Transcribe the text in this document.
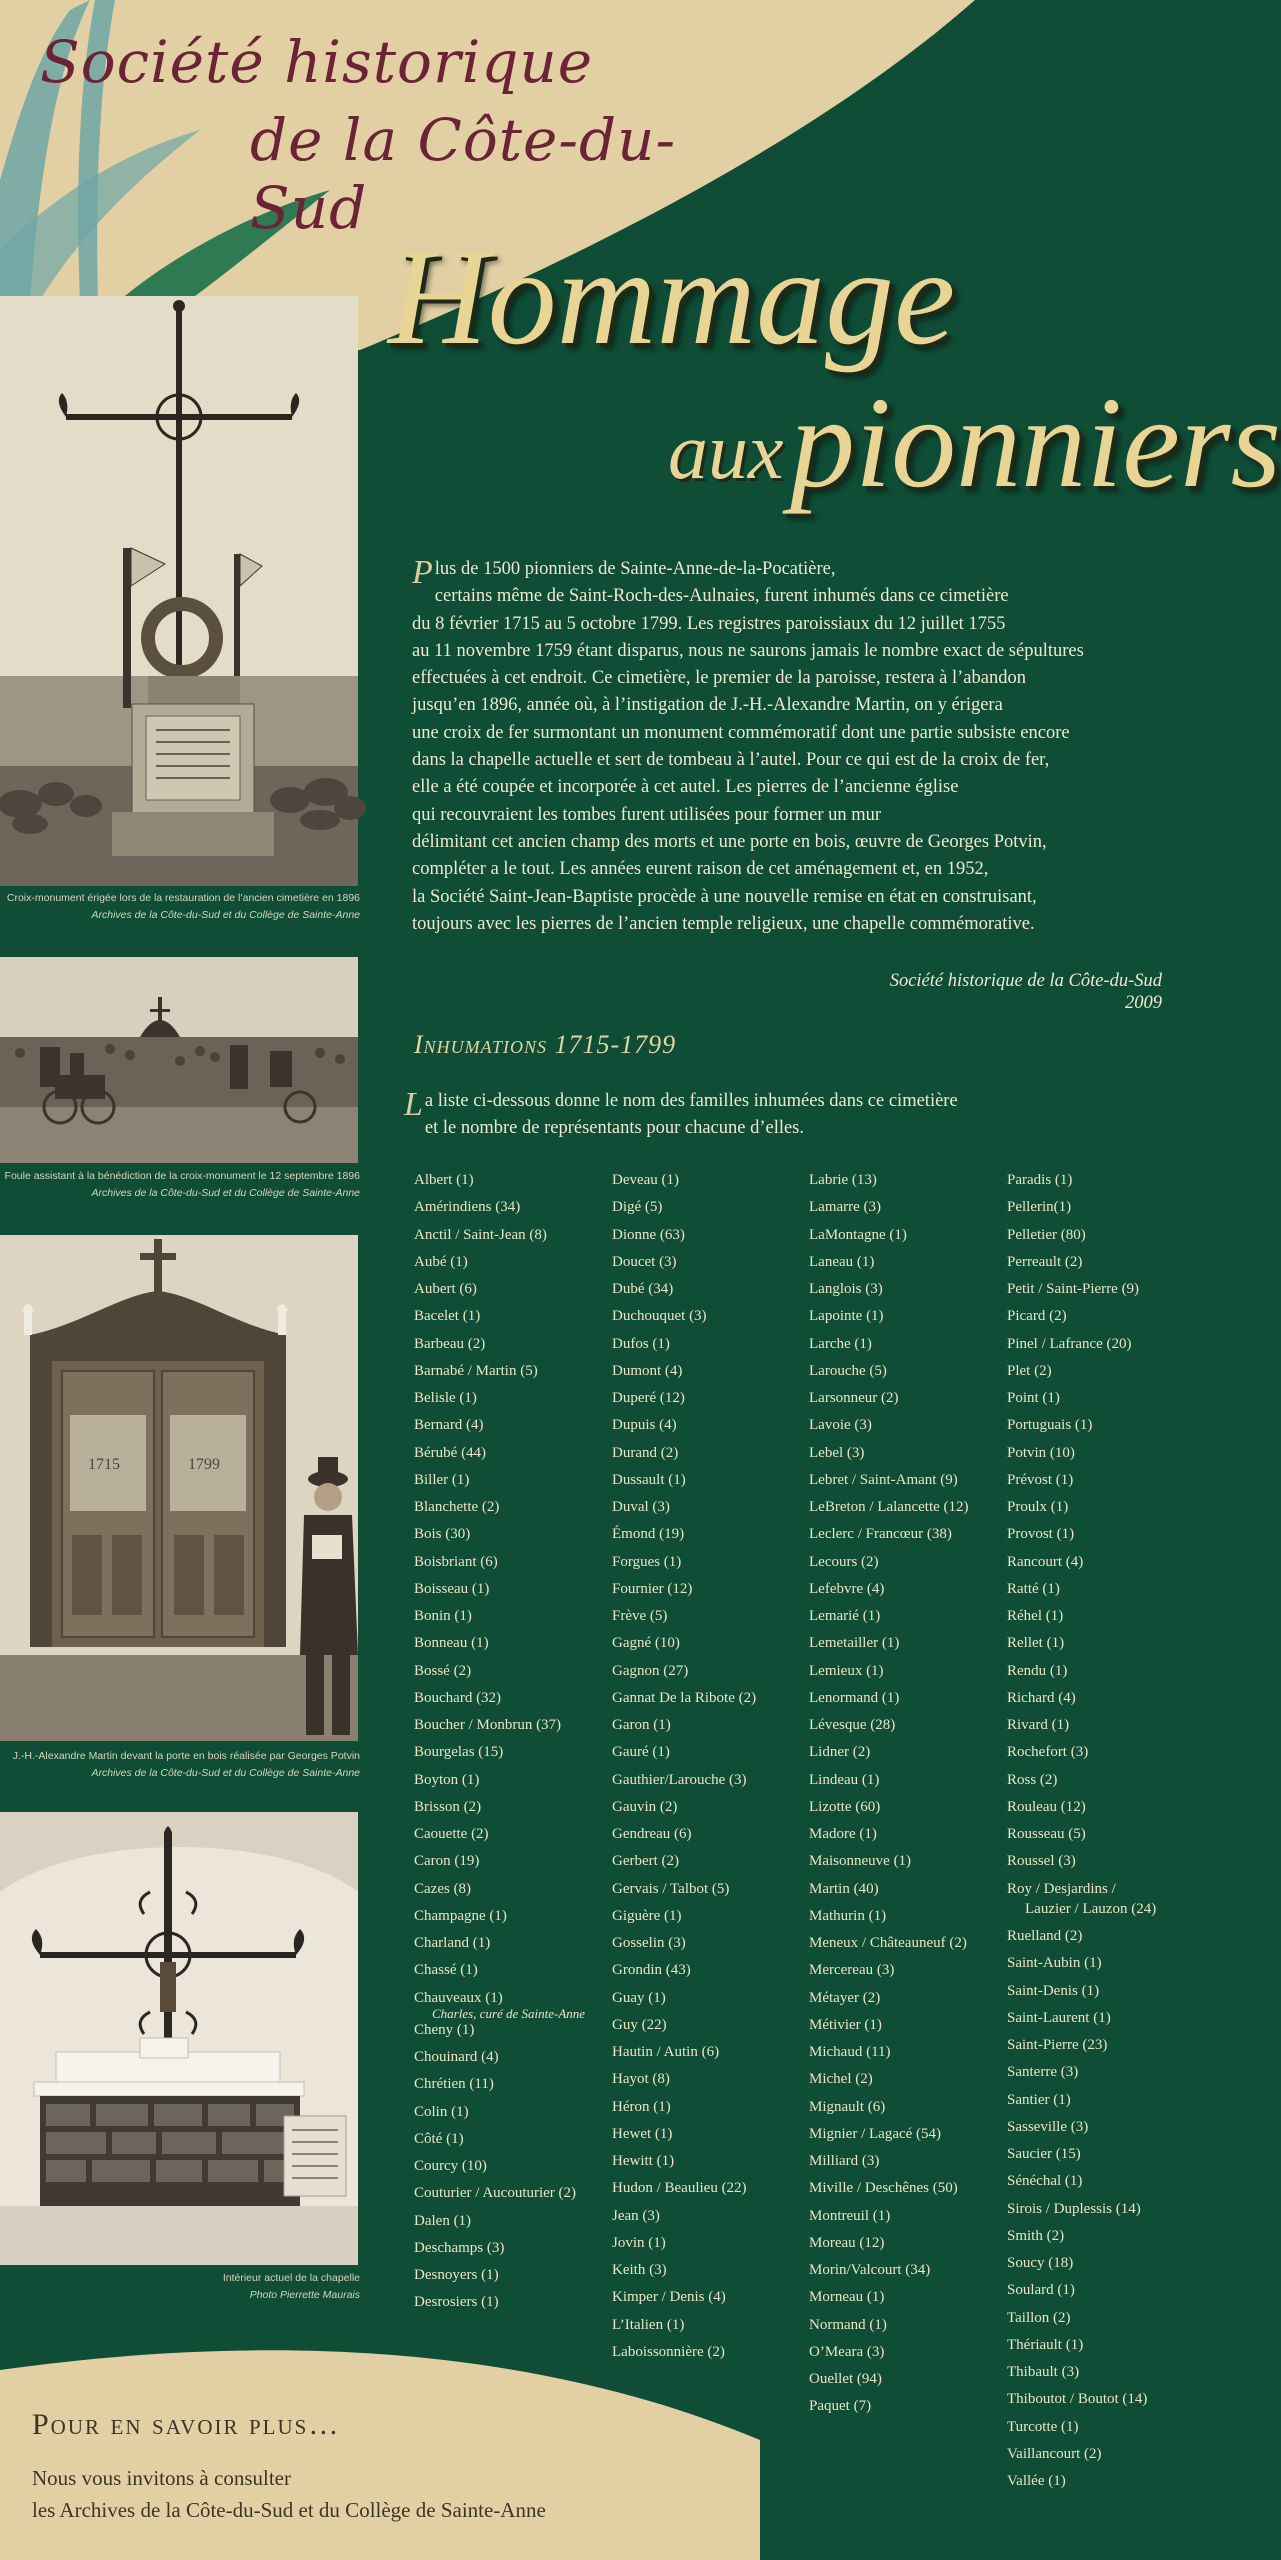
Société historique
de la Côte-du-Sud
Hommage
aux pionniers
Croix-monument érigée lors de la restauration de l’ancien cimetière en 1896
Archives de la Côte-du-Sud et du Collège de Sainte-Anne
Foule assistant à la bénédiction de la croix-monument le 12 septembre 1896
Archives de la Côte-du-Sud et du Collège de Sainte-Anne
1715	1799
J.-H.-Alexandre Martin devant la porte en bois réalisée par Georges Potvin
Archives de la Côte-du-Sud et du Collège de Sainte-Anne
Intérieur actuel de la chapelle
Photo Pierrette Maurais
P lus de 1500 pionniers de Sainte-Anne-de-la-Pocatière,
certains même de Saint-Roch-des-Aulnaies, furent inhumés dans ce cimetière
du 8 février 1715 au 5 octobre 1799. Les registres paroissiaux du 12 juillet 1755
au 11 novembre 1759 étant disparus, nous ne saurons jamais le nombre exact de sépultures
effectuées à cet endroit. Ce cimetière, le premier de la paroisse, restera à l’abandon
jusqu’en 1896, année où, à l’instigation de J.-H.-Alexandre Martin, on y érigera
une croix de fer surmontant un monument commémoratif dont une partie subsiste encore
dans la chapelle actuelle et sert de tombeau à l’autel. Pour ce qui est de la croix de fer,
elle a été coupée et incorporée à cet autel. Les pierres de l’ancienne église
qui recouvraient les tombes furent utilisées pour former un mur
délimitant cet ancien champ des morts et une porte en bois, œuvre de Georges Potvin,
compléter a le tout. Les années eurent raison de cet aménagement et, en 1952,
la Société Saint-Jean-Baptiste procède à une nouvelle remise en état en construisant,
toujours avec les pierres de l’ancien temple religieux, une chapelle commémorative.
Société historique de la Côte-du-Sud
2009
Inhumations 1715-1799
L a liste ci-dessous donne le nom des familles inhumées dans ce cimetière
et le nombre de représentants pour chacune d’elles.
Albert (1)
Amérindiens (34)
Anctil / Saint-Jean (8)
Aubé (1)
Aubert (6)
Bacelet (1)
Barbeau (2)
Barnabé / Martin (5)
Belisle (1)
Bernard (4)
Bérubé (44)
Biller (1)
Blanchette (2)
Bois (30)
Boisbriant (6)
Boisseau (1)
Bonin (1)
Bonneau (1)
Bossé (2)
Bouchard (32)
Boucher / Monbrun (37)
Bourgelas (15)
Boyton (1)
Brisson (2)
Caouette (2)
Caron (19)
Cazes (8)
Champagne (1)
Charland (1)
Chassé (1)
Chauveaux (1)
Charles, curé de Sainte-Anne
Cheny (1)
Chouinard (4)
Chrétien (11)
Colin (1)
Côté (1)
Courcy (10)
Couturier / Aucouturier (2)
Dalen (1)
Deschamps (3)
Desnoyers (1)
Desrosiers (1)
Deveau (1)
Digé (5)
Dionne (63)
Doucet (3)
Dubé (34)
Duchouquet (3)
Dufos (1)
Dumont (4)
Duperé (12)
Dupuis (4)
Durand (2)
Dussault (1)
Duval (3)
Émond (19)
Forgues (1)
Fournier (12)
Frève (5)
Gagné (10)
Gagnon (27)
Gannat De la Ribote (2)
Garon (1)
Gauré (1)
Gauthier/Larouche (3)
Gauvin (2)
Gendreau (6)
Gerbert (2)
Gervais / Talbot (5)
Giguère (1)
Gosselin (3)
Grondin (43)
Guay (1)
Guy (22)
Hautin / Autin (6)
Hayot (8)
Héron (1)
Hewet (1)
Hewitt (1)
Hudon / Beaulieu (22)
Jean (3)
Jovin (1)
Keith (3)
Kimper / Denis (4)
L’Italien (1)
Laboissonnière (2)
Labrie (13)
Lamarre (3)
LaMontagne (1)
Laneau (1)
Langlois (3)
Lapointe (1)
Larche (1)
Larouche (5)
Larsonneur (2)
Lavoie (3)
Lebel (3)
Lebret / Saint-Amant (9)
LeBreton / Lalancette (12)
Leclerc / Francœur (38)
Lecours (2)
Lefebvre (4)
Lemarié (1)
Lemetailler (1)
Lemieux (1)
Lenormand (1)
Lévesque (28)
Lidner (2)
Lindeau (1)
Lizotte (60)
Madore (1)
Maisonneuve (1)
Martin (40)
Mathurin (1)
Meneux / Châteauneuf (2)
Mercereau (3)
Métayer (2)
Métivier (1)
Michaud (11)
Michel (2)
Mignault (6)
Mignier / Lagacé (54)
Milliard (3)
Miville / Deschênes (50)
Montreuil (1)
Moreau (12)
Morin/Valcourt (34)
Morneau (1)
Normand (1)
O’Meara (3)
Ouellet (94)
Paquet (7)
Paradis (1)
Pellerin(1)
Pelletier (80)
Perreault (2)
Petit / Saint-Pierre (9)
Picard (2)
Pinel / Lafrance (20)
Plet (2)
Point (1)
Portuguais (1)
Potvin (10)
Prévost (1)
Proulx (1)
Provost (1)
Rancourt (4)
Ratté (1)
Réhel (1)
Rellet (1)
Rendu (1)
Richard (4)
Rivard (1)
Rochefort (3)
Ross (2)
Rouleau (12)
Rousseau (5)
Roussel (3)
Roy / Desjardins /
Lauzier / Lauzon (24)
Ruelland (2)
Saint-Aubin (1)
Saint-Denis (1)
Saint-Laurent (1)
Saint-Pierre (23)
Santerre (3)
Santier (1)
Sasseville (3)
Saucier (15)
Sénéchal (1)
Sirois / Duplessis (14)
Smith (2)
Soucy (18)
Soulard (1)
Taillon (2)
Thériault (1)
Thibault (3)
Thiboutot / Boutot (14)
Turcotte (1)
Vaillancourt (2)
Vallée (1)
Pour en savoir plus…
Nous vous invitons à consulter
les Archives de la Côte-du-Sud et du Collège de Sainte-Anne
